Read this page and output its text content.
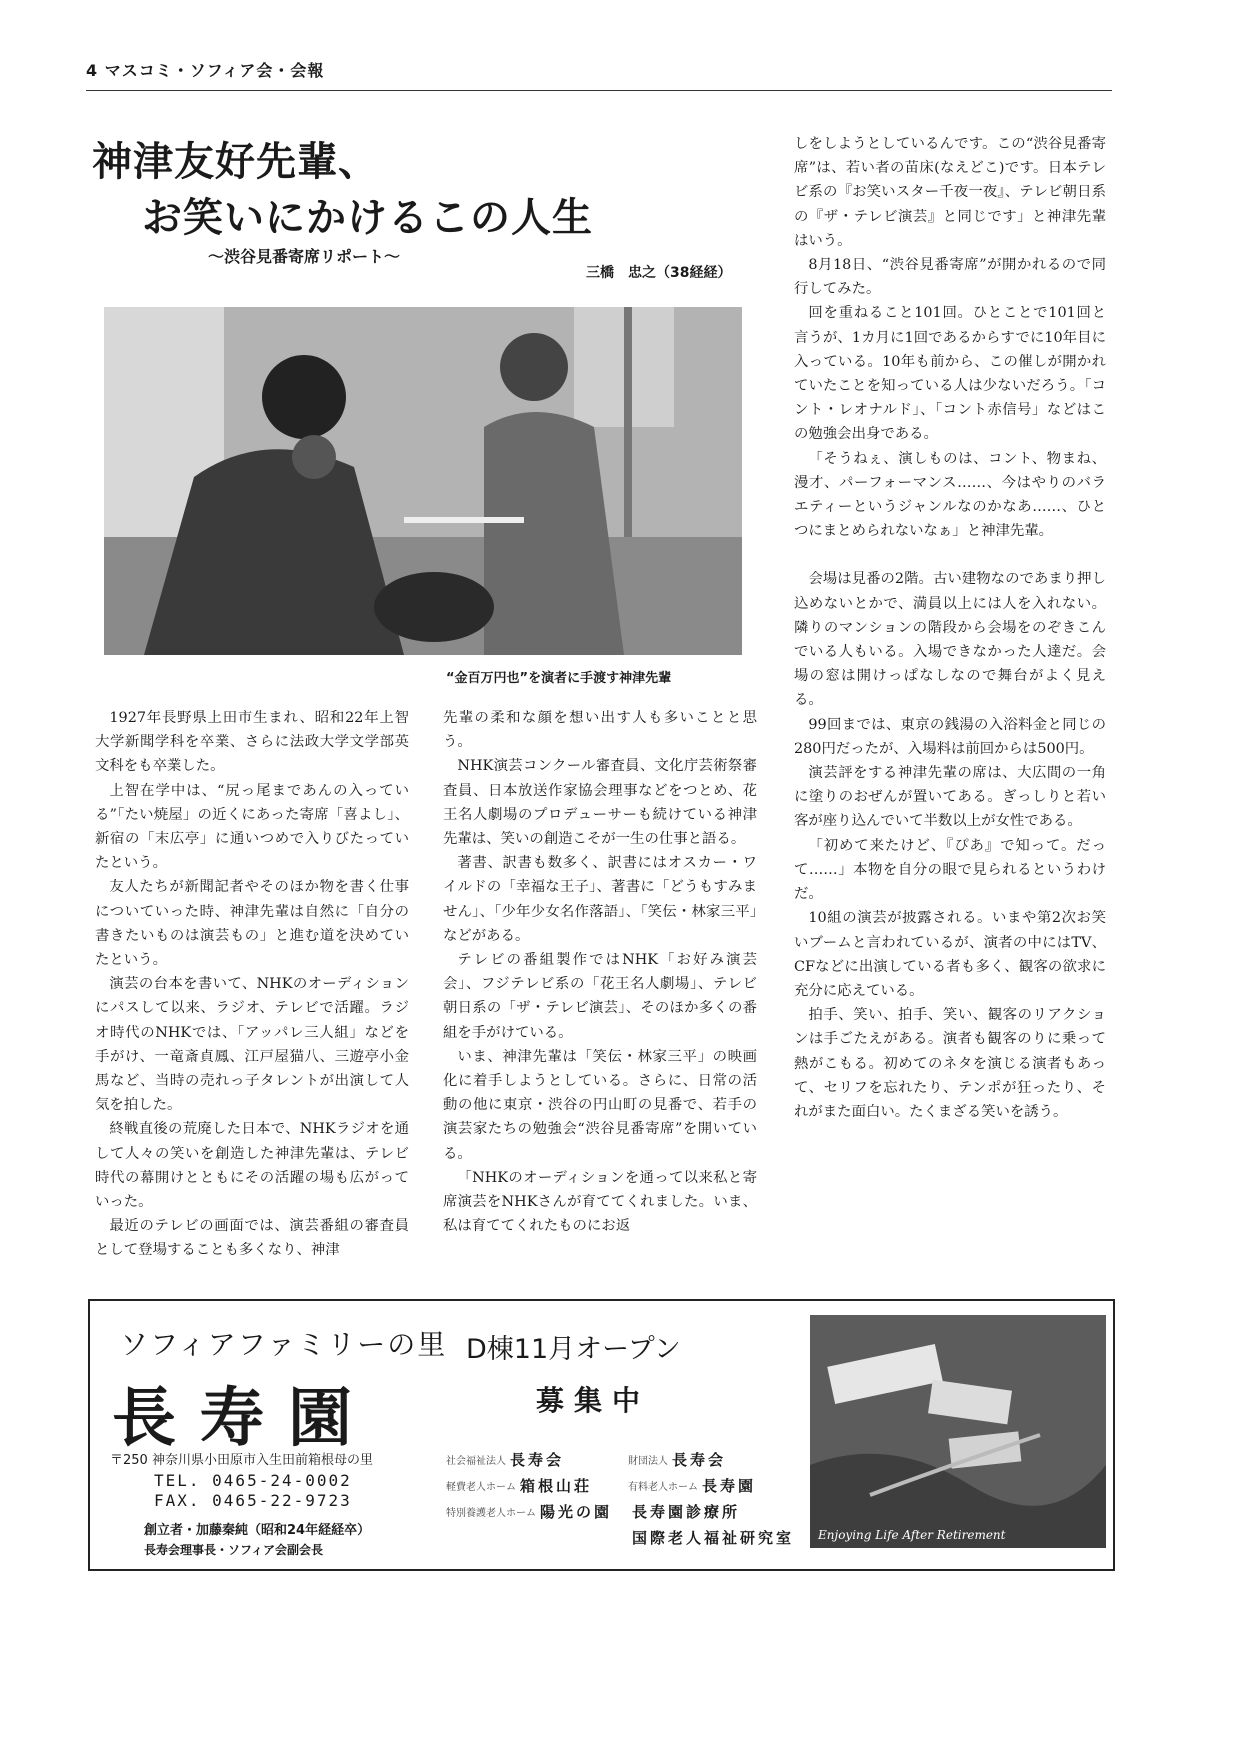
4 マスコミ・ソフィア会・会報
神津友好先輩、
お笑いにかけるこの人生
〜渋谷見番寄席リポート〜
三橋　忠之（38経経）
“金百万円也”を演者に手渡す神津先輩

1927年長野県上田市生まれ、昭和22年上智大学新聞学科を卒業、さらに法政大学文学部英文科をも卒業した。

上智在学中は、“尻っ尾まであんの入っている”「たい焼屋」の近くにあった寄席「喜よし」、新宿の「末広亭」に通いつめで入りびたっていたという。

友人たちが新聞記者やそのほか物を書く仕事についていった時、神津先輩は自然に「自分の書きたいものは演芸もの」と進む道を決めていたという。

演芸の台本を書いて、NHKのオーディションにパスして以来、ラジオ、テレビで活躍。ラジオ時代のNHKでは、「アッパレ三人組」などを手がけ、一竜斎貞鳳、江戸屋猫八、三遊亭小金馬など、当時の売れっ子タレントが出演して人気を拍した。

終戦直後の荒廃した日本で、NHKラジオを通して人々の笑いを創造した神津先輩は、テレビ時代の幕開けとともにその活躍の場も広がっていった。

最近のテレビの画面では、演芸番組の審査員として登場することも多くなり、神津

先輩の柔和な顔を想い出す人も多いことと思う。

NHK演芸コンクール審査員、文化庁芸術祭審査員、日本放送作家協会理事などをつとめ、花王名人劇場のプロデューサーも続けている神津先輩は、笑いの創造こそが一生の仕事と語る。

著書、訳書も数多く、訳書にはオスカー・ワイルドの「幸福な王子」、著書に「どうもすみません」、「少年少女名作落語」、「笑伝・林家三平」などがある。

テレビの番組製作ではNHK「お好み演芸会」、フジテレビ系の「花王名人劇場」、テレビ朝日系の「ザ・テレビ演芸」、そのほか多くの番組を手がけている。

いま、神津先輩は「笑伝・林家三平」の映画化に着手しようとしている。さらに、日常の活動の他に東京・渋谷の円山町の見番で、若手の演芸家たちの勉強会“渋谷見番寄席”を開いている。

「NHKのオーディションを通って以来私と寄席演芸をNHKさんが育ててくれました。いま、私は育ててくれたものにお返

しをしようとしているんです。この“渋谷見番寄席”は、若い者の苗床(なえどこ)です。日本テレビ系の『お笑いスター千夜一夜』、テレビ朝日系の『ザ・テレビ演芸』と同じです」と神津先輩はいう。

8月18日、“渋谷見番寄席”が開かれるので同行してみた。

回を重ねること101回。ひとことで101回と言うが、1カ月に1回であるからすでに10年目に入っている。10年も前から、この催しが開かれていたことを知っている人は少ないだろう。「コント・レオナルド」、「コント赤信号」などはこの勉強会出身である。

「そうねぇ、演しものは、コント、物まね、漫才、パーフォーマンス……、今はやりのバラエティーというジャンルなのかなあ……、ひとつにまとめられないなぁ」と神津先輩。

会場は見番の2階。古い建物なのであまり押し込めないとかで、満員以上には人を入れない。隣りのマンションの階段から会場をのぞきこんでいる人もいる。入場できなかった人達だ。会場の窓は開けっぱなしなので舞台がよく見える。

99回までは、東京の銭湯の入浴料金と同じの280円だったが、入場料は前回からは500円。

演芸評をする神津先輩の席は、大広間の一角に塗りのおぜんが置いてある。ぎっしりと若い客が座り込んでいて半数以上が女性である。

「初めて来たけど、『ぴあ』で知って。だって……」本物を自分の眼で見られるというわけだ。

10組の演芸が披露される。いまや第2次お笑いブームと言われているが、演者の中にはTV、CFなどに出演している者も多く、観客の欲求に充分に応えている。

拍手、笑い、拍手、笑い、観客のリアクションは手ごたえがある。演者も観客のりに乗って熱がこもる。初めてのネタを演じる演者もあって、セリフを忘れたり、テンポが狂ったり、それがまた面白い。たくまざる笑いを誘う。

ソフィアファミリーの里
長寿園
〒250 神奈川県小田原市入生田前箱根母の里
TEL. 0465-24-0002
FAX. 0465-22-9723
創立者・加藤秦純（昭和24年経経卒）
長寿会理事長・ソフィア会副会長
D棟11月オープン
募集中
社会福祉法人 長寿会	財団法人 長寿会
軽費老人ホーム 箱根山荘	有料老人ホーム 長寿園
特別養護老人ホーム 陽光の園 長寿園診療所
国際老人福祉研究室 Enjoying Life After Retirement
